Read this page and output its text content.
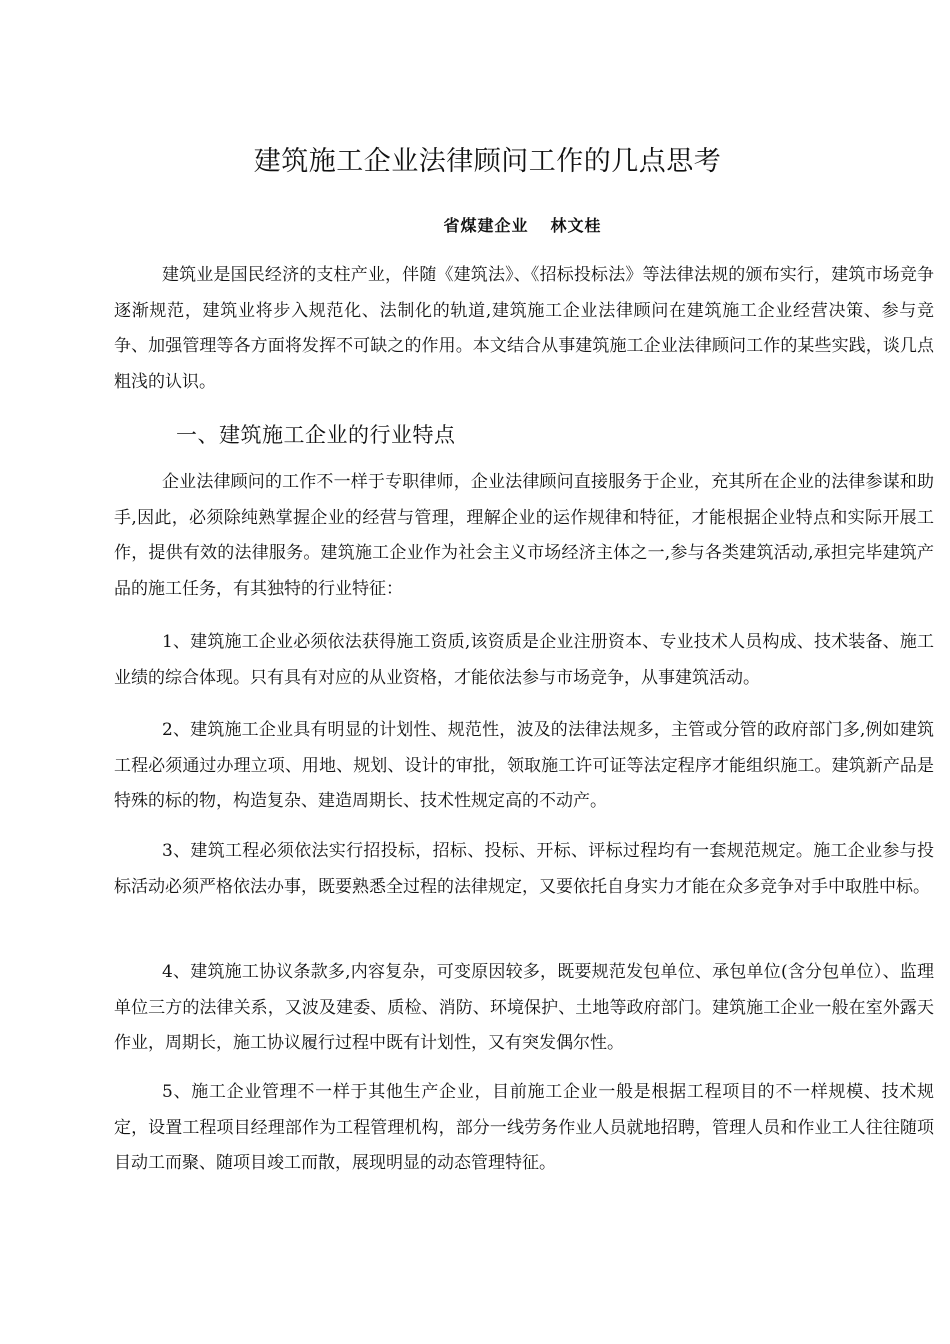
建筑施工企业法律顾问工作的几点思考
省煤建企业 林文桂

建筑业是国民经济的支柱产业，伴随《建筑法》、《招标投标法》等法律法规的颁布实行，建筑市场竞争逐渐规范，建筑业将步入规范化、法制化的轨道,建筑施工企业法律顾问在建筑施工企业经营决策、参与竞争、加强管理等各方面将发挥不可缺之的作用。本文结合从事建筑施工企业法律顾问工作的某些实践，谈几点粗浅的认识。

一、建筑施工企业的行业特点

企业法律顾问的工作不一样于专职律师，企业法律顾问直接服务于企业，充其所在企业的法律参谋和助手,因此，必须除纯熟掌握企业的经营与管理，理解企业的运作规律和特征，才能根据企业特点和实际开展工作，提供有效的法律服务。建筑施工企业作为社会主义市场经济主体之一,参与各类建筑活动,承担完毕建筑产品的施工任务，有其独特的行业特征：

1、建筑施工企业必须依法获得施工资质,该资质是企业注册资本、专业技术人员构成、技术装备、施工业绩的综合体现。只有具有对应的从业资格，才能依法参与市场竞争，从事建筑活动。

2、建筑施工企业具有明显的计划性、规范性，波及的法律法规多，主管或分管的政府部门多,例如建筑工程必须通过办理立项、用地、规划、设计的审批，领取施工许可证等法定程序才能组织施工。建筑新产品是特殊的标的物，构造复杂、建造周期长、技术性规定高的不动产。

3、建筑工程必须依法实行招投标，招标、投标、开标、评标过程均有一套规范规定。施工企业参与投标活动必须严格依法办事，既要熟悉全过程的法律规定，又要依托自身实力才能在众多竞争对手中取胜中标。

4、建筑施工协议条款多,内容复杂，可变原因较多，既要规范发包单位、承包单位(含分包单位）、监理单位三方的法律关系，又波及建委、质检、消防、环境保护、土地等政府部门。建筑施工企业一般在室外露天作业，周期长，施工协议履行过程中既有计划性，又有突发偶尔性。

5、施工企业管理不一样于其他生产企业，目前施工企业一般是根据工程项目的不一样规模、技术规定，设置工程项目经理部作为工程管理机构，部分一线劳务作业人员就地招聘，管理人员和作业工人往往随项目动工而聚、随项目竣工而散，展现明显的动态管理特征。
